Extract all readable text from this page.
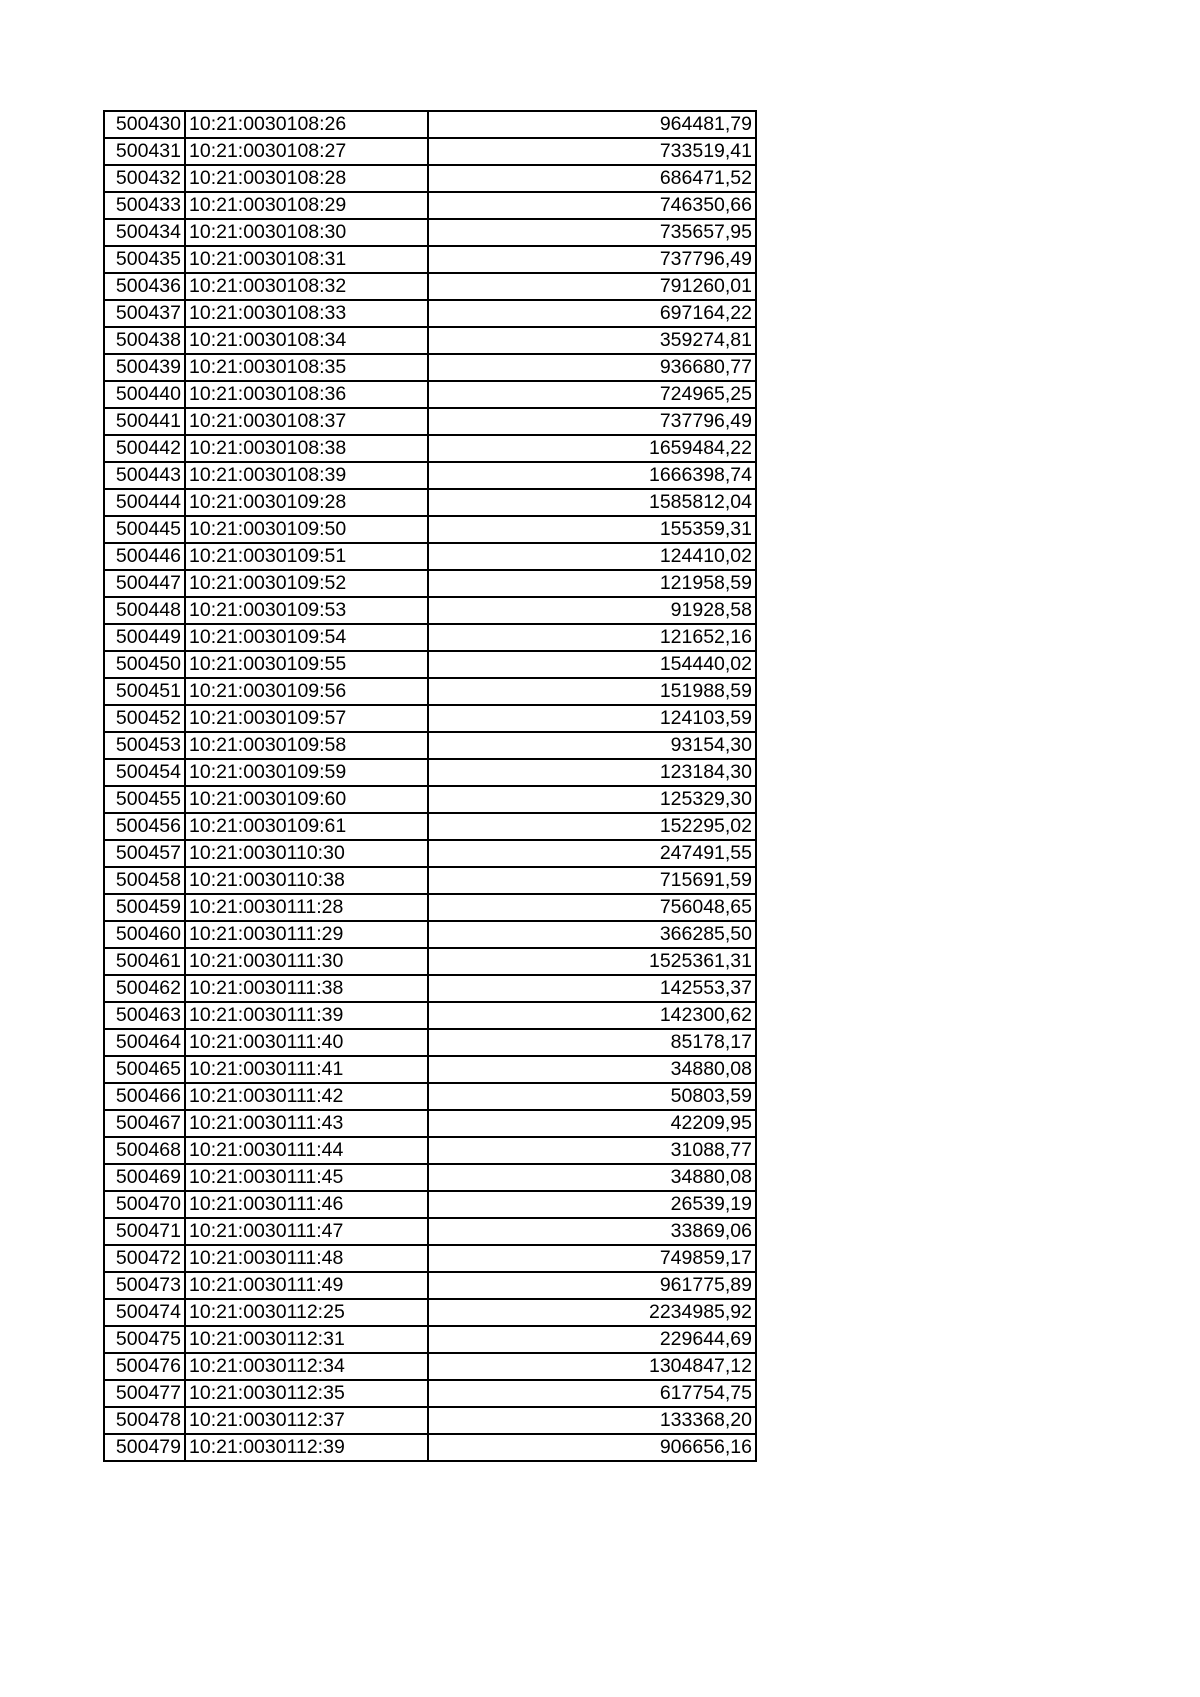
500430	10:21:0030108:26	964481,79
500431	10:21:0030108:27	733519,41
500432	10:21:0030108:28	686471,52
500433	10:21:0030108:29	746350,66
500434	10:21:0030108:30	735657,95
500435	10:21:0030108:31	737796,49
500436	10:21:0030108:32	791260,01
500437	10:21:0030108:33	697164,22
500438	10:21:0030108:34	359274,81
500439	10:21:0030108:35	936680,77
500440	10:21:0030108:36	724965,25
500441	10:21:0030108:37	737796,49
500442	10:21:0030108:38	1659484,22
500443	10:21:0030108:39	1666398,74
500444	10:21:0030109:28	1585812,04
500445	10:21:0030109:50	155359,31
500446	10:21:0030109:51	124410,02
500447	10:21:0030109:52	121958,59
500448	10:21:0030109:53	91928,58
500449	10:21:0030109:54	121652,16
500450	10:21:0030109:55	154440,02
500451	10:21:0030109:56	151988,59
500452	10:21:0030109:57	124103,59
500453	10:21:0030109:58	93154,30
500454	10:21:0030109:59	123184,30
500455	10:21:0030109:60	125329,30
500456	10:21:0030109:61	152295,02
500457	10:21:0030110:30	247491,55
500458	10:21:0030110:38	715691,59
500459	10:21:0030111:28	756048,65
500460	10:21:0030111:29	366285,50
500461	10:21:0030111:30	1525361,31
500462	10:21:0030111:38	142553,37
500463	10:21:0030111:39	142300,62
500464	10:21:0030111:40	85178,17
500465	10:21:0030111:41	34880,08
500466	10:21:0030111:42	50803,59
500467	10:21:0030111:43	42209,95
500468	10:21:0030111:44	31088,77
500469	10:21:0030111:45	34880,08
500470	10:21:0030111:46	26539,19
500471	10:21:0030111:47	33869,06
500472	10:21:0030111:48	749859,17
500473	10:21:0030111:49	961775,89
500474	10:21:0030112:25	2234985,92
500475	10:21:0030112:31	229644,69
500476	10:21:0030112:34	1304847,12
500477	10:21:0030112:35	617754,75
500478	10:21:0030112:37	133368,20
500479	10:21:0030112:39	906656,16
